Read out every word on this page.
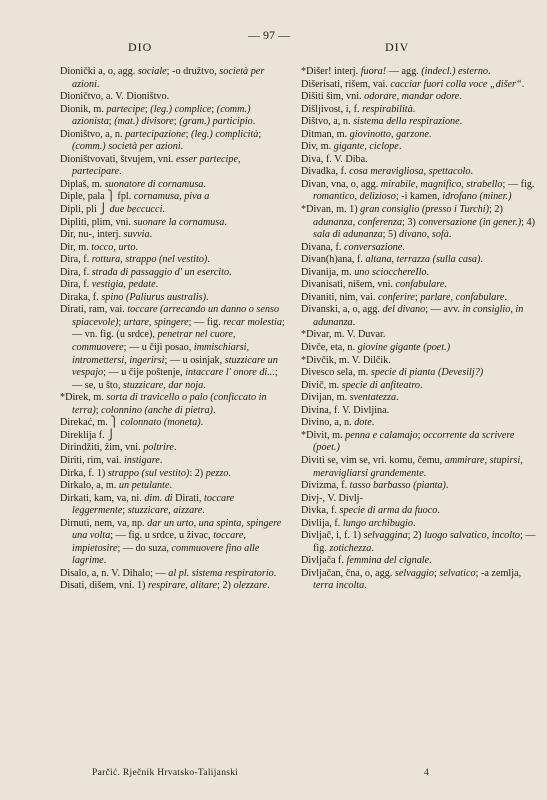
DIO
— 97 —
DIV

Dionički a, o, agg. sociale; -o družtvo, società per azioni.

Dioničtvo, a. V. Dioništvo.

Dionik, m. partecipe; (leg.) complice; (comm.) azionista; (mat.) divisore; (gram.) participio.

Dioništvo, a, n. partecipazione; (leg.) complicità; (comm.) società per azioni.

Dioništvovati, štvujem, vni. esser partecipe, partecipare.

Diplaš, m. suonatore di cornamusa.

Diple, pala ⎫ fpl. cornamusa, piva a

Dipli, pli ⎭ due beccucci.

Dipliti, plim, vni. suonare la cornamusa.

Dir, nu-, interj. suvvia.

Dir, m. tocco, urto.

Dira, f. rottura, strappo (nel vestito).

Dira, f. strada di passaggio d' un esercito.

Dira, f. vestigia, pedate.

Diraka, f. spino (Paliurus australis).

Dirati, ram, vai. toccare (arrecando un danno o senso spiacevole); urtare, spingere; — fig. recar molestia; — vn. fig. (u srdce), penetrar nel cuore, commuovere; — u čiji posao, immischiarsi, intromettersi, ingerirsi; — u osinjak, stuzzicare un vespajo; — u čije poštenje, intaccare l' onore di...; — se, u što, stuzzicare, dar noja.

*Direk, m. sorta di travicello o palo (conficcato in terra); colonnino (anche di pietra).

Direkać, m. ⎫ colonnato (moneta).

Direklija f. ⎭

Dirindžiti, žim, vni. poltrire.

Diriti, rim, vai. instigare.

Dirka, f. 1) strappo (sul vestito): 2) pezzo.

Dirkalo, a, m. un petulante.

Dirkati, kam, va, ni. dim. di Dirati, toccare leggermente; stuzzicare, aizzare.

Dirnuti, nem, va, np. dar un urto, una spinta, spingere una volta; — fig. u srdce, u živac, toccare, impietosire; — do suza, commuovere fino alle lagrime.

Disalo, a, n. V. Dihalo; — al pl. sistema respiratorio.

Disati, dišem, vni. 1) respirare, alitare; 2) olezzare.

*Dišer! interj. fuora! — agg. (indecl.) esterno.

Dišerisati, rišem, vai. cacciar fuori colla voce „dišer“.

Dišiti šim, vni. odorare, mandar odore.

Dišljivost, i, f. respirabilità.

Dištvo, a, n. sistema della respirazione.

Ditman, m. giovinotto, garzone.

Div, m. gigante, ciclope.

Diva, f. V. Diba.

Divadka, f. cosa meravigliosa, spettacolo.

Divan, vna, o, agg. mirabile, magnifico, strabello; — fig. romantico, delizioso; -i kamen, idrofano (miner.)

*Divan, m. 1) gran consiglio (presso i Turchi); 2) adunanza, conferenza; 3) conversazione (in gener.); 4) sala di adunanza; 5) divano, sofà.

Divana, f. conversazione.

Divan(h)ana, f. altana, terrazza (sulla casa).

Divanija, m. uno sciocchereIlo.

Divanisati, nišem, vni. confabulare.

Divaniti, nim, vai. conferire; parlare, confabulare.

Divanski, a, o, agg. del divano; — avv. in consiglio, in adunanza.

*Divar, m. V. Duvar.

Divče, eta, n. giovine gigante (poet.)

*Divčik, m. V. Dilčik.

Divesco sela, m. specie di pianta (Devesilj?)

Divič, m. specie di anfiteatro.

Divijan, m. sventatezza.

Divina, f. V. Divljina.

Divino, a, n. dote.

*Divit, m. penna e calamajo; occorrente da scrivere (poet.)

Diviti se, vim se, vri. komu, čemu, ammirare, stupirsi, meravigliarsi grandemente.

Divizma, f. tasso barbasso (pianta).

Divj-, V. Divlj-

Divka, f. specie di arma da fuoco.

Divlija, f. lungo archibugio.

Divljač, i, f. 1) selvaggina; 2) luogo salvatico, incolto; — fig. zotichezza.

Divljača f. femmina del cignale.

Divljačan, čna, o, agg. selvaggio; selvatico; -a zemlja, terra incolta.

Parčić. Rječnik Hrvatsko-Talijanski	4
